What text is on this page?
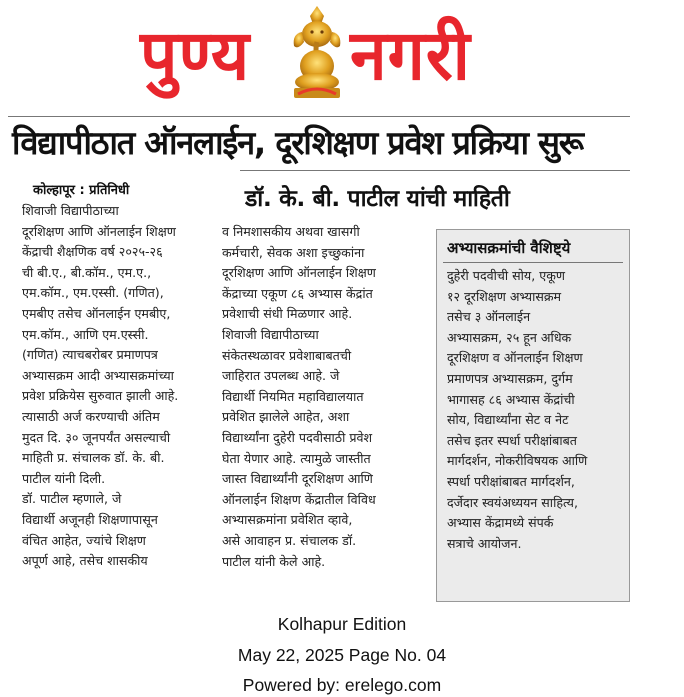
पुण्य नगरी
विद्यापीठात ऑनलाईन, दूरशिक्षण प्रवेश प्रक्रिया सुरू
डॉ. के. बी. पाटील यांची माहिती
कोल्हापूर : प्रतिनिधी
शिवाजी विद्यापीठाच्या
दूरशिक्षण आणि ऑनलाईन शिक्षण
केंद्राची शैक्षणिक वर्ष २०२५-२६
ची बी.ए., बी.कॉम., एम.ए.,
एम.कॉम., एम.एस्सी. (गणित),
एमबीए तसेच ऑनलाईन एमबीए,
एम.कॉम., आणि एम.एस्सी.
(गणित) त्याचबरोबर प्रमाणपत्र
अभ्यासक्रम आदी अभ्यासक्रमांच्या
प्रवेश प्रक्रियेस सुरुवात झाली आहे.
त्यासाठी अर्ज करण्याची अंतिम
मुदत दि. ३० जूनपर्यंत असल्याची
माहिती प्र. संचालक डॉ. के. बी.
पाटील यांनी दिली.
डॉ. पाटील म्हणाले, जे
विद्यार्थी अजूनही शिक्षणापासून
वंचित आहेत, ज्यांचे शिक्षण
अपूर्ण आहे, तसेच शासकीय
व निमशासकीय अथवा खासगी
कर्मचारी, सेवक अशा इच्छुकांना
दूरशिक्षण आणि ऑनलाईन शिक्षण
केंद्राच्या एकूण ८६ अभ्यास केंद्रांत
प्रवेशाची संधी मिळणार आहे.
शिवाजी विद्यापीठाच्या
संकेतस्थळावर प्रवेशाबाबतची
जाहिरात उपलब्ध आहे. जे
विद्यार्थी नियमित महाविद्यालयात
प्रवेशित झालेले आहेत, अशा
विद्यार्थ्यांना दुहेरी पदवीसाठी प्रवेश
घेता येणार आहे. त्यामुळे जास्तीत
जास्त विद्यार्थ्यांनी दूरशिक्षण आणि
ऑनलाईन शिक्षण केंद्रातील विविध
अभ्यासक्रमांना प्रवेशित व्हावे,
असे आवाहन प्र. संचालक डॉ.
पाटील यांनी केले आहे.
अभ्यासक्रमांची वैशिष्ट्ये
दुहेरी पदवीची सोय, एकूण
१२ दूरशिक्षण अभ्यासक्रम
तसेच ३ ऑनलाईन
अभ्यासक्रम, २५ हून अधिक
दूरशिक्षण व ऑनलाईन शिक्षण
प्रमाणपत्र अभ्यासक्रम, दुर्गम
भागासह ८६ अभ्यास केंद्रांची
सोय, विद्यार्थ्यांना सेट व नेट
तसेच इतर स्पर्धा परीक्षांबाबत
मार्गदर्शन, नोकरीविषयक आणि
स्पर्धा परीक्षांबाबत मार्गदर्शन,
दर्जेदार स्वयंअध्ययन साहित्य,
अभ्यास केंद्रामध्ये संपर्क
सत्राचे आयोजन.
Kolhapur Edition
May 22, 2025 Page No. 04
Powered by: erelego.com
